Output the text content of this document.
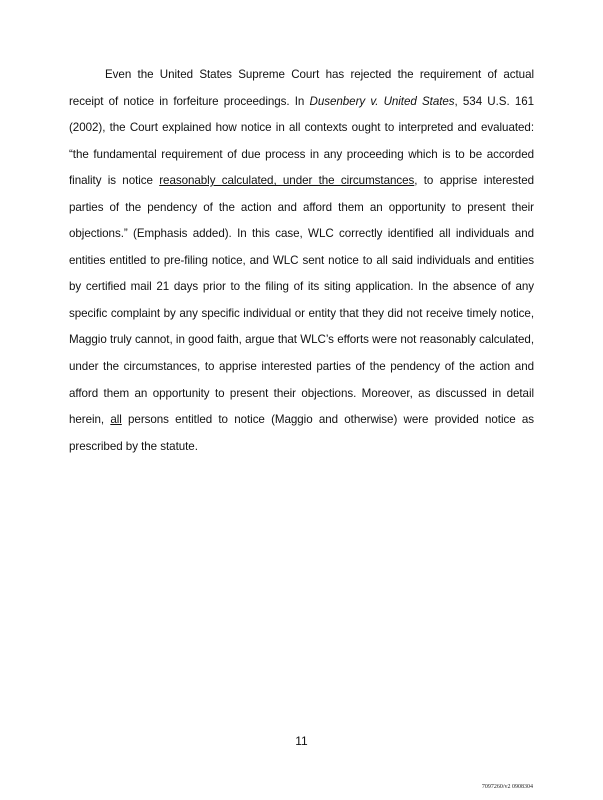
Even the United States Supreme Court has rejected the requirement of actual receipt of notice in forfeiture proceedings. In Dusenbery v. United States, 534 U.S. 161 (2002), the Court explained how notice in all contexts ought to interpreted and evaluated: “the fundamental requirement of due process in any proceeding which is to be accorded finality is notice reasonably calculated, under the circumstances, to apprise interested parties of the pendency of the action and afford them an opportunity to present their objections.” (Emphasis added). In this case, WLC correctly identified all individuals and entities entitled to pre-filing notice, and WLC sent notice to all said individuals and entities by certified mail 21 days prior to the filing of its siting application. In the absence of any specific complaint by any specific individual or entity that they did not receive timely notice, Maggio truly cannot, in good faith, argue that WLC’s efforts were not reasonably calculated, under the circumstances, to apprise interested parties of the pendency of the action and afford them an opportunity to present their objections. Moreover, as discussed in detail herein, all persons entitled to notice (Maggio and otherwise) were provided notice as prescribed by the statute.

11

7097260/v2 0908304
